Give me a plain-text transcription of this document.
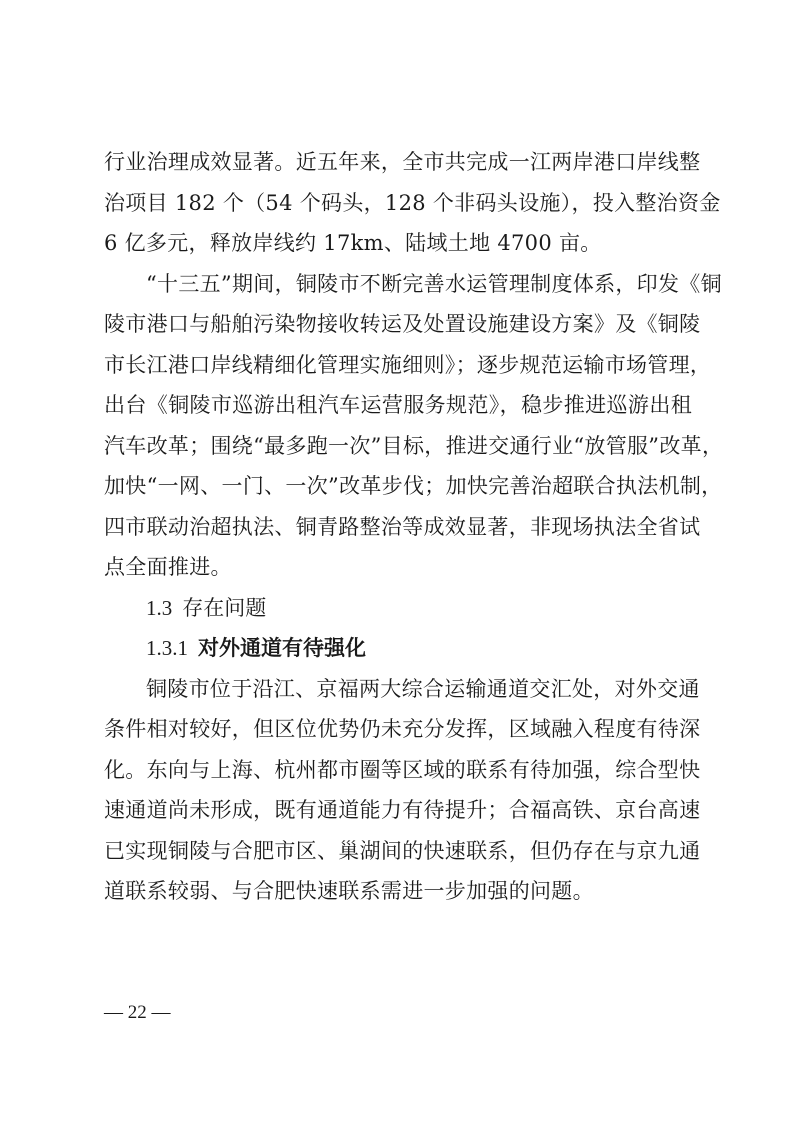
行业治理成效显著。近五年来，全市共完成一江两岸港口岸线整
治项目 182 个（54 个码头，128 个非码头设施），投入整治资金
6 亿多元，释放岸线约 17km、陆域土地 4700 亩。
“十三五”期间，铜陵市不断完善水运管理制度体系，印发《铜
陵市港口与船舶污染物接收转运及处置设施建设方案》及《铜陵
市长江港口岸线精细化管理实施细则》；逐步规范运输市场管理，
出台《铜陵市巡游出租汽车运营服务规范》，稳步推进巡游出租
汽车改革；围绕“最多跑一次”目标，推进交通行业“放管服”改革，
加快“一网、一门、一次”改革步伐；加快完善治超联合执法机制，
四市联动治超执法、铜青路整治等成效显著，非现场执法全省试
点全面推进。
1.3 存在问题
1.3.1 对外通道有待强化
铜陵市位于沿江、京福两大综合运输通道交汇处，对外交通
条件相对较好，但区位优势仍未充分发挥，区域融入程度有待深
化。东向与上海、杭州都市圈等区域的联系有待加强，综合型快
速通道尚未形成，既有通道能力有待提升；合福高铁、京台高速
已实现铜陵与合肥市区、巢湖间的快速联系，但仍存在与京九通
道联系较弱、与合肥快速联系需进一步加强的问题。
— 22 —
